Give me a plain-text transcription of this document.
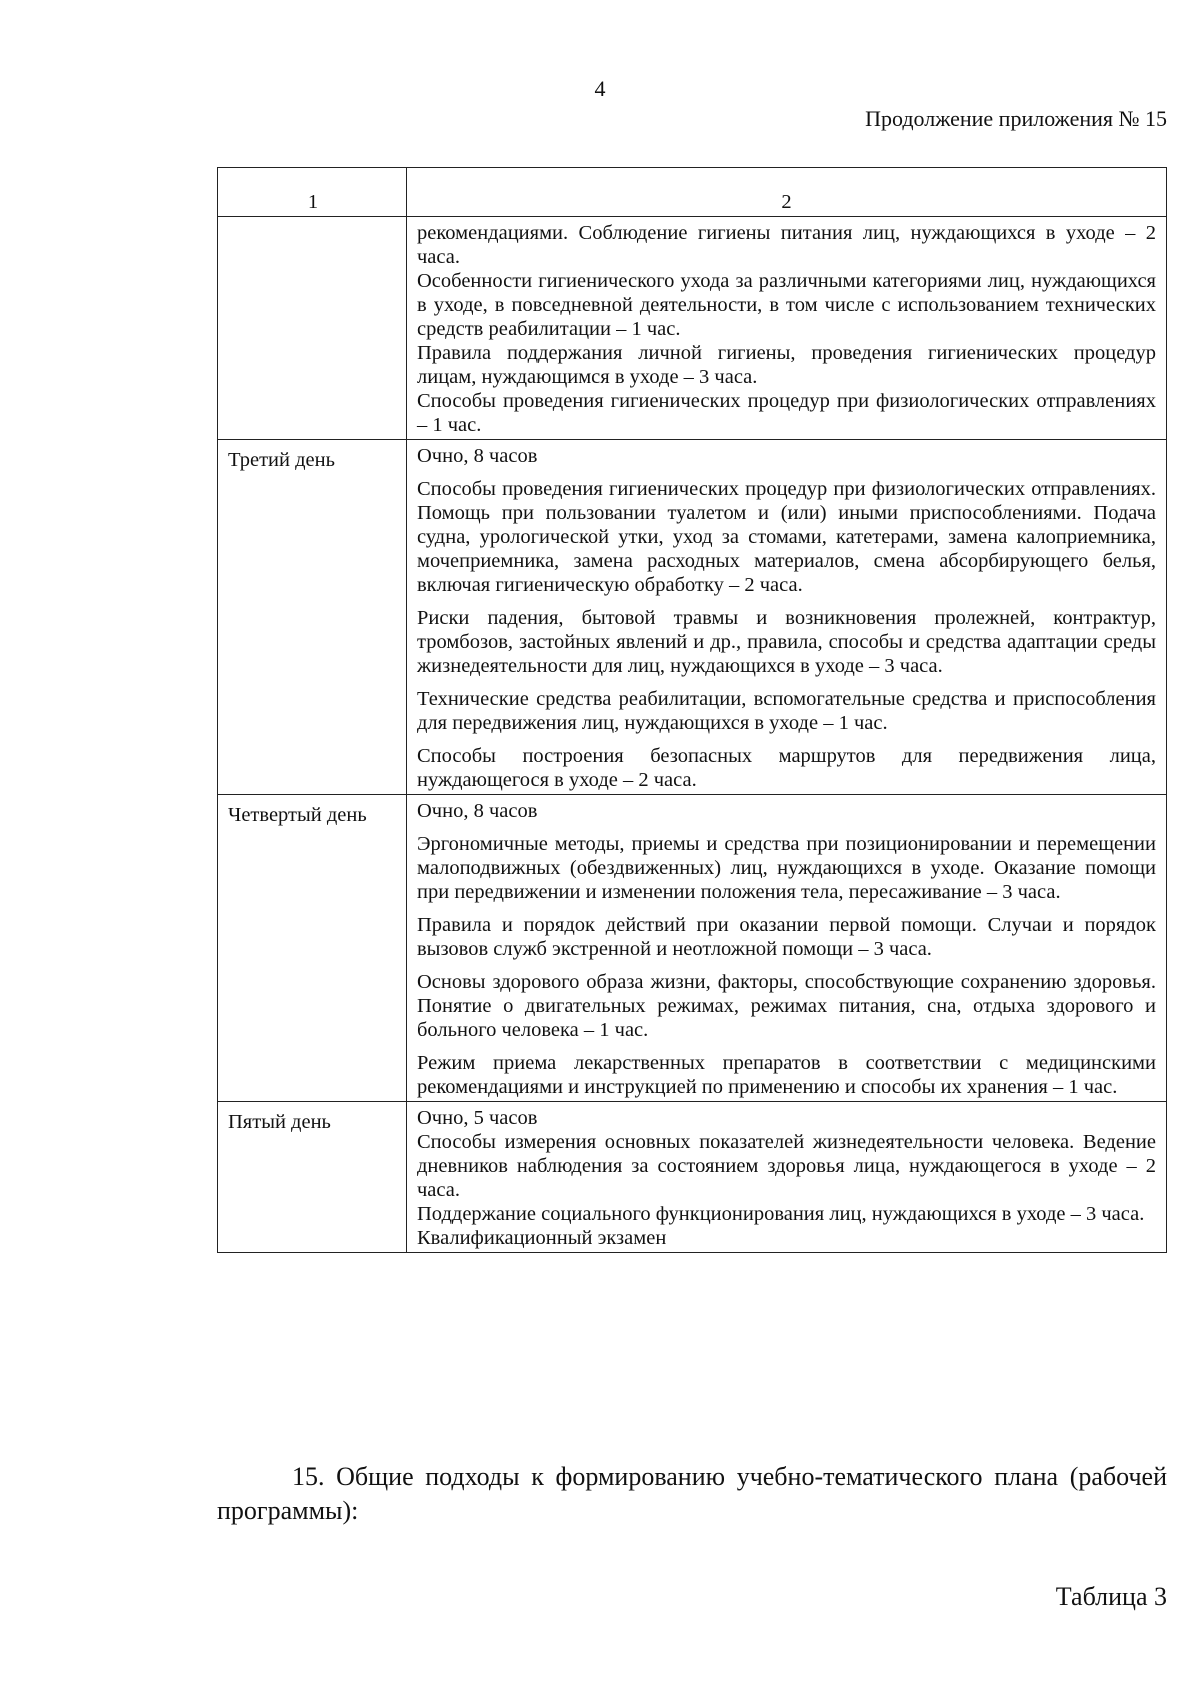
4
Продолжение приложения № 15
1	2

	рекомендациями. Соблюдение гигиены питания лиц, нуждающихся в уходе – 2 часа.
Особенности гигиенического ухода за различными категориями лиц, нуждающихся в уходе, в повседневной деятельности, в том числе с использованием технических средств реабилитации – 1 час.
Правила поддержания личной гигиены, проведения гигиенических процедур лицам, нуждающимся в уходе – 3 часа.
Способы проведения гигиенических процедур при физиологических отправлениях – 1 час.

Третий день	Очно, 8 часов
Способы проведения гигиенических процедур при физиологических отправлениях. Помощь при пользовании туалетом и (или) иными приспособлениями. Подача судна, урологической утки, уход за стомами, катетерами, замена калоприемника, мочеприемника, замена расходных материалов, смена абсорбирующего белья, включая гигиеническую обработку – 2 часа.
Риски падения, бытовой травмы и возникновения пролежней, контрактур, тромбозов, застойных явлений и др., правила, способы и средства адаптации среды жизнедеятельности для лиц, нуждающихся в уходе – 3 часа.
Технические средства реабилитации, вспомогательные средства и приспособления для передвижения лиц, нуждающихся в уходе – 1 час.
Способы построения безопасных маршрутов для передвижения лица, нуждающегося в уходе – 2 часа.

Четвертый день	Очно, 8 часов
Эргономичные методы, приемы и средства при позиционировании и перемещении малоподвижных (обездвиженных) лиц, нуждающихся в уходе. Оказание помощи при передвижении и изменении положения тела, пересаживание – 3 часа.
Правила и порядок действий при оказании первой помощи. Случаи и порядок вызовов служб экстренной и неотложной помощи – 3 часа.
Основы здорового образа жизни, факторы, способствующие сохранению здоровья. Понятие о двигательных режимах, режимах питания, сна, отдыха здорового и больного человека – 1 час.
Режим приема лекарственных препаратов в соответствии с медицинскими рекомендациями и инструкцией по применению и способы их хранения – 1 час.

Пятый день	Очно, 5 часов
Способы измерения основных показателей жизнедеятельности человека. Ведение дневников наблюдения за состоянием здоровья лица, нуждающегося в уходе – 2 часа.
Поддержание социального функционирования лиц, нуждающихся в уходе – 3 часа.
Квалификационный экзамен
15. Общие подходы к формированию учебно-тематического плана (рабочей программы):
Таблица 3
